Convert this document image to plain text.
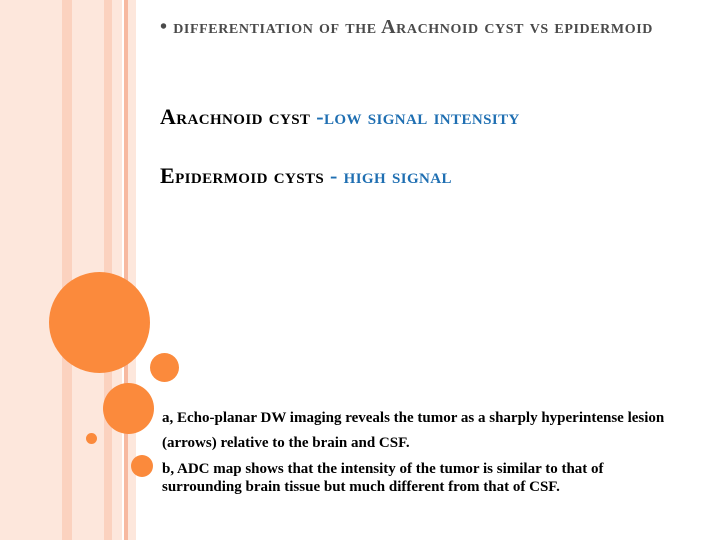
• differentiation of the Arachnoid cyst vs epidermoid
Arachnoid cyst -low signal intensity
Epidermoid cysts - high signal

a, Echo-planar DW imaging reveals the tumor as a sharply hyperintense lesion (arrows) relative to the brain and CSF.

b, ADC map shows that the intensity of the tumor is similar to that of surrounding brain tissue but much different from that of CSF.
